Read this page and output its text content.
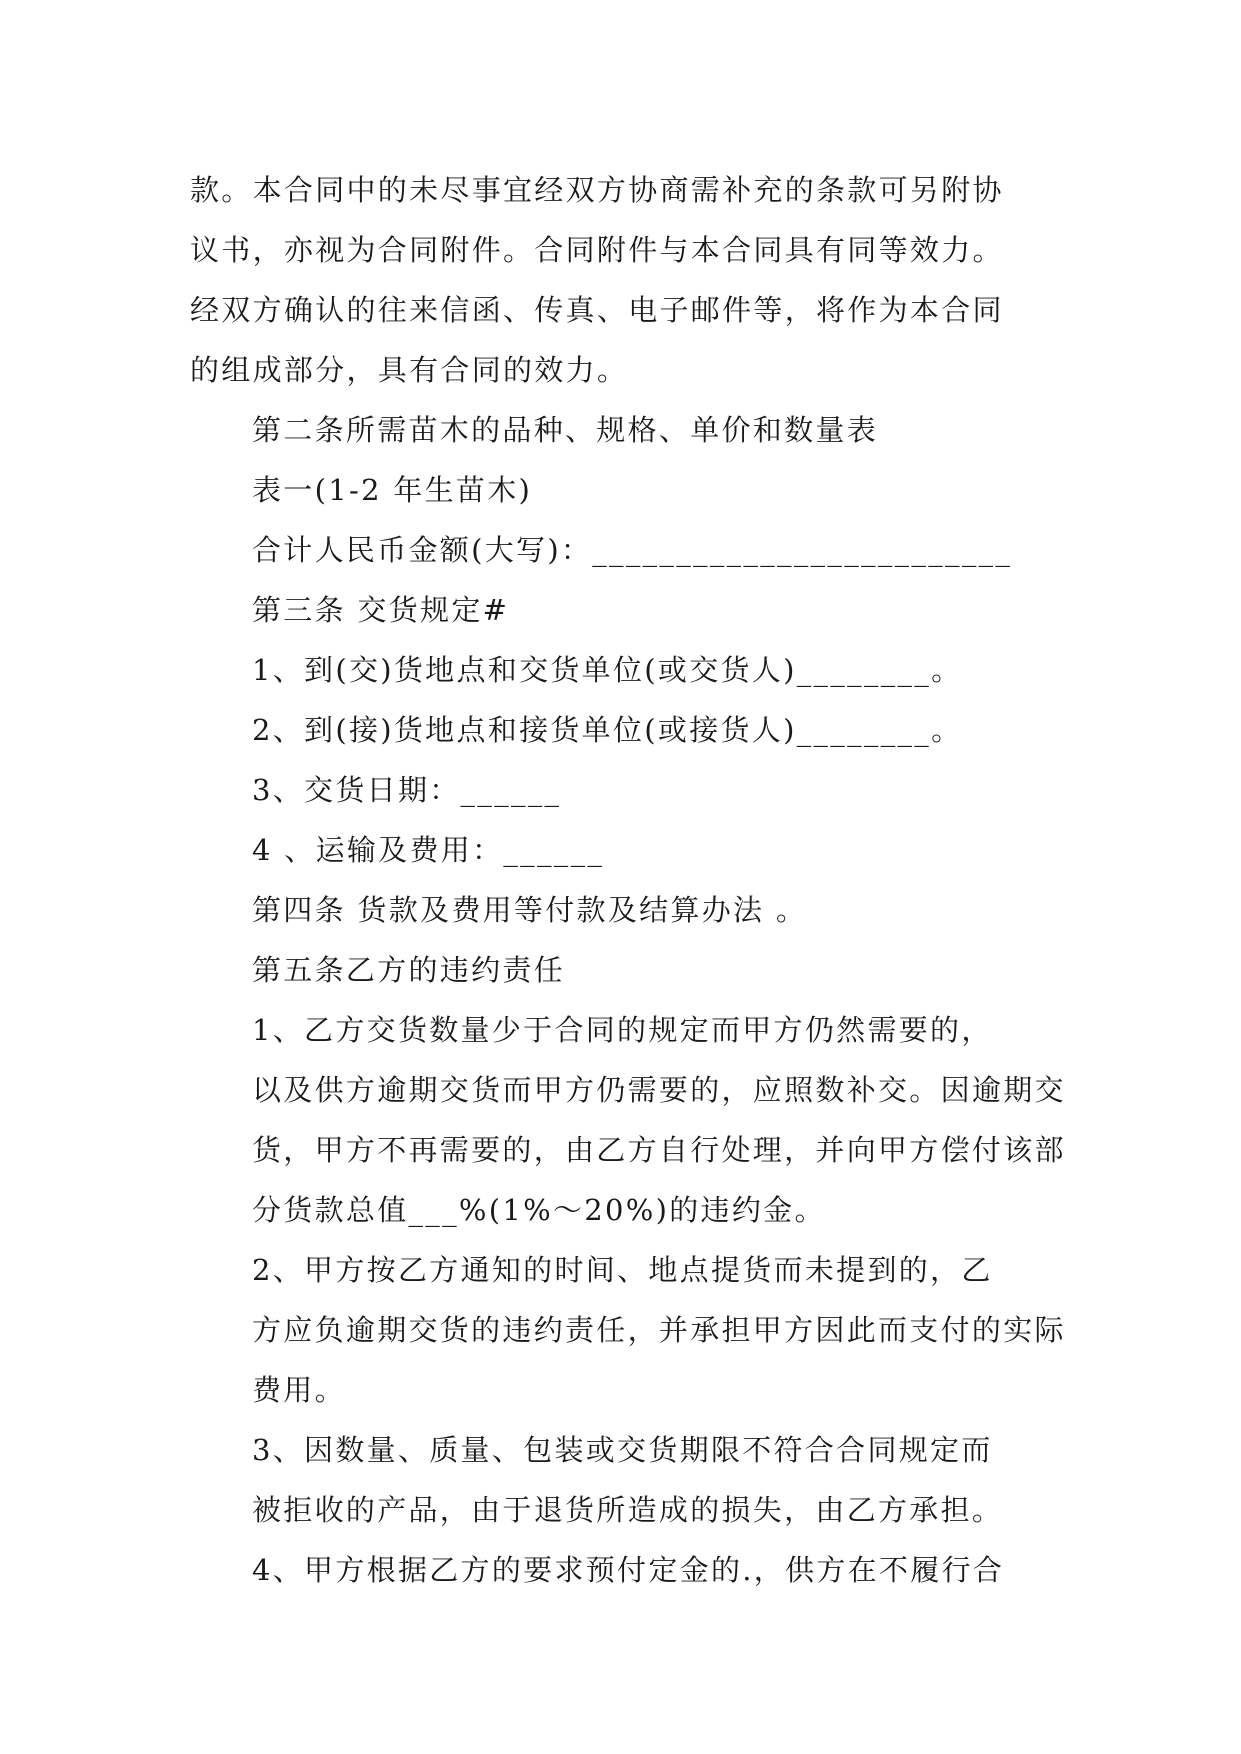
款。本合同中的未尽事宜经双方协商需补充的条款可另附协
议书，亦视为合同附件。合同附件与本合同具有同等效力。
经双方确认的往来信函、传真、电子邮件等，将作为本合同
的组成部分，具有合同的效力。

第二条所需苗木的品种、规格、单价和数量表

表一(1-2 年生苗木)

合计人民币金额(大写)：_________________________

第三条 交货规定#

1、到(交)货地点和交货单位(或交货人)________。

2、到(接)货地点和接货单位(或接货人)________。

3、交货日期：______

4 、运输及费用：______

第四条 货款及费用等付款及结算办法 。

第五条乙方的违约责任

1、乙方交货数量少于合同的规定而甲方仍然需要的，
以及供方逾期交货而甲方仍需要的，应照数补交。因逾期交
货，甲方不再需要的，由乙方自行处理，并向甲方偿付该部
分货款总值___%(1%～20%)的违约金。

2、甲方按乙方通知的时间、地点提货而未提到的，乙
方应负逾期交货的违约责任，并承担甲方因此而支付的实际
费用。

3、因数量、质量、包装或交货期限不符合合同规定而
被拒收的产品，由于退货所造成的损失，由乙方承担。

4、甲方根据乙方的要求预付定金的.，供方在不履行合
